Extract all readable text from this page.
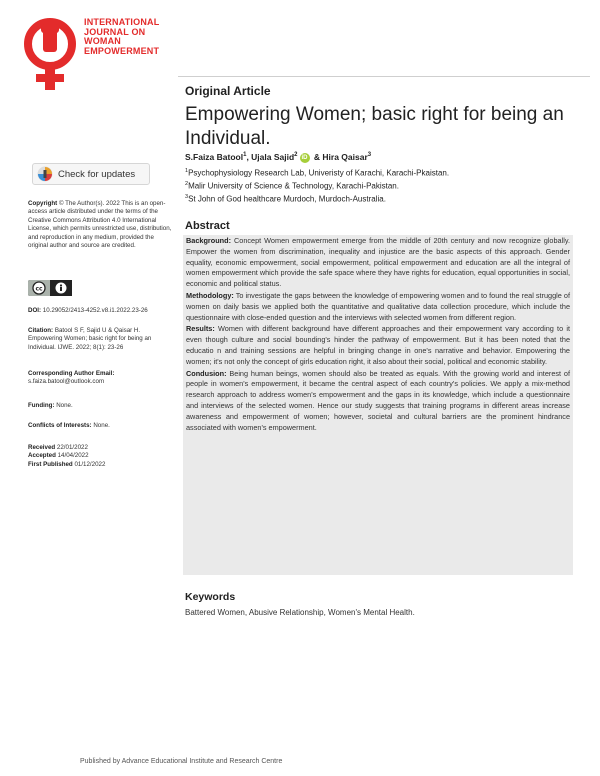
INTERNATIONAL
JOURNAL ON
WOMAN
EMPOWERMENT
Original Article
Empowering Women; basic right for being an Individual.
S.Faiza Batool$^1$, Ujala Sajid$^2$ iD & Hira Qaisar$^3$
$^1$Psychophysiology Research Lab, Univeristy of Karachi, Karachi-Pkaistan.
$^2$Malir University of Science & Technology, Karachi-Pakistan.
$^3$St John of God healthcare Murdoch, Murdoch-Australia.
Check for updates
Copyright © The Author(s). 2022 This is an open-access article distributed under the terms of the Creative Commons Attribution 4.0 International License, which permits unrestricted use, distribution, and reproduction in any medium, provided the original author and source are credited.
cc
DOI: 10.29052/2413-4252.v8.i1.2022.23-26
Citation: Batool S F, Sajid U & Qaisar H. Empowering Women; basic right for being an Individual. IJWE. 2022; 8(1): 23-26
Corresponding Author Email:
s.faiza.batool@outlook.com
Funding: None.
Conflicts of Interests: None.
Received 22/01/2022
Accepted 14/04/2022
First Published 01/12/2022
Abstract

Background: Concept Women empowerment emerge from the middle of 20th century and now recognize globally. Empower the women from discrimination, inequality and injustice are the basic aspects of this approach. Gender equality, economic empowerment, social empowerment, political empowerment and education are all the integral of women empowerment which provide the safe space where they have rights for education, equal opportunities in social, economic and political status.

Methodology: To investigate the gaps between the knowledge of empowering women and to found the real struggle of women on daily basis we applied both the quantitative and qualitative data collection procedure, which include the questionnaire with close-ended question and the interviews with selected women from different region.

Results: Women with different background have different approaches and their empowerment vary according to it even though culture and social bounding's hinder the pathway of empowerment. But it has been noted that the educatio n and training sessions are helpful in bringing change in one's narrative and behavior. Empowering the women; it's not only the concept of girls education right, it also about their social, political and economic stability.

Condusion: Being human beings, women should also be treated as equals. With the growing world and interest of people in women's empowerment, it became the central aspect of each country's policies. We apply a mix-method research approach to address women's empowerment and the gaps in its knowledge, which include a questionnaire and interviews of the selected women. Hence our study suggests that training programs in different areas increase awareness and empowerment of women; however, societal and cultural barriers are the prominent hindrance associated with women's empowerment.

Keywords
Battered Women, Abusive Relationship, Women's Mental Health.
Published by Advance Educational Institute and Research Centre
